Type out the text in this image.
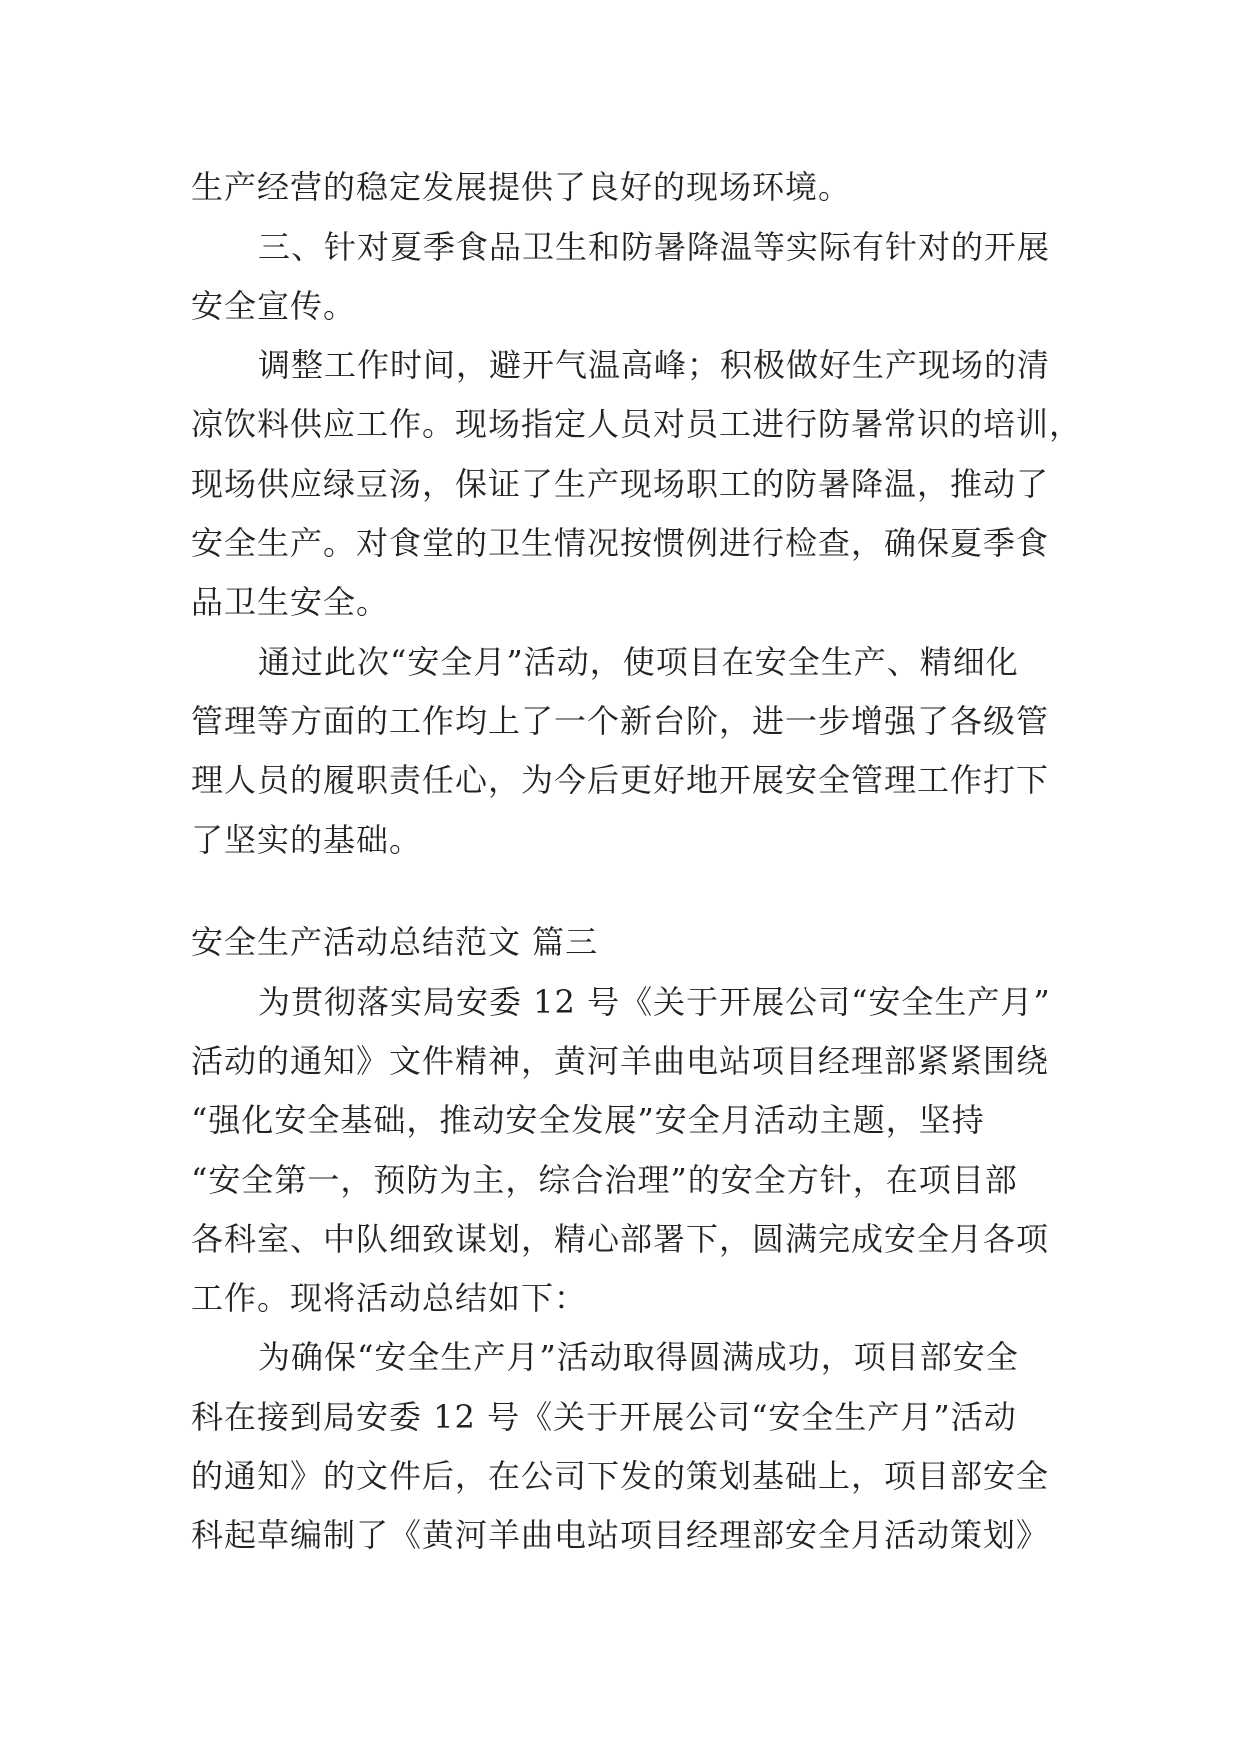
生产经营的稳定发展提供了良好的现场环境。
三、针对夏季食品卫生和防暑降温等实际有针对的开展
安全宣传。
调整工作时间，避开气温高峰；积极做好生产现场的清
凉饮料供应工作。现场指定人员对员工进行防暑常识的培训，
现场供应绿豆汤，保证了生产现场职工的防暑降温，推动了
安全生产。对食堂的卫生情况按惯例进行检查，确保夏季食
品卫生安全。
通过此次“安全月”活动，使项目在安全生产、精细化
管理等方面的工作均上了一个新台阶，进一步增强了各级管
理人员的履职责任心，为今后更好地开展安全管理工作打下
了坚实的基础。
安全生产活动总结范文 篇三
为贯彻落实局安委 12 号《关于开展公司“安全生产月”
活动的通知》文件精神，黄河羊曲电站项目经理部紧紧围绕
“强化安全基础，推动安全发展”安全月活动主题，坚持
“安全第一，预防为主，综合治理”的安全方针，在项目部
各科室、中队细致谋划，精心部署下，圆满完成安全月各项
工作。现将活动总结如下：
为确保“安全生产月”活动取得圆满成功，项目部安全
科在接到局安委 12 号《关于开展公司“安全生产月”活动
的通知》的文件后，在公司下发的策划基础上，项目部安全
科起草编制了《黄河羊曲电站项目经理部安全月活动策划》
